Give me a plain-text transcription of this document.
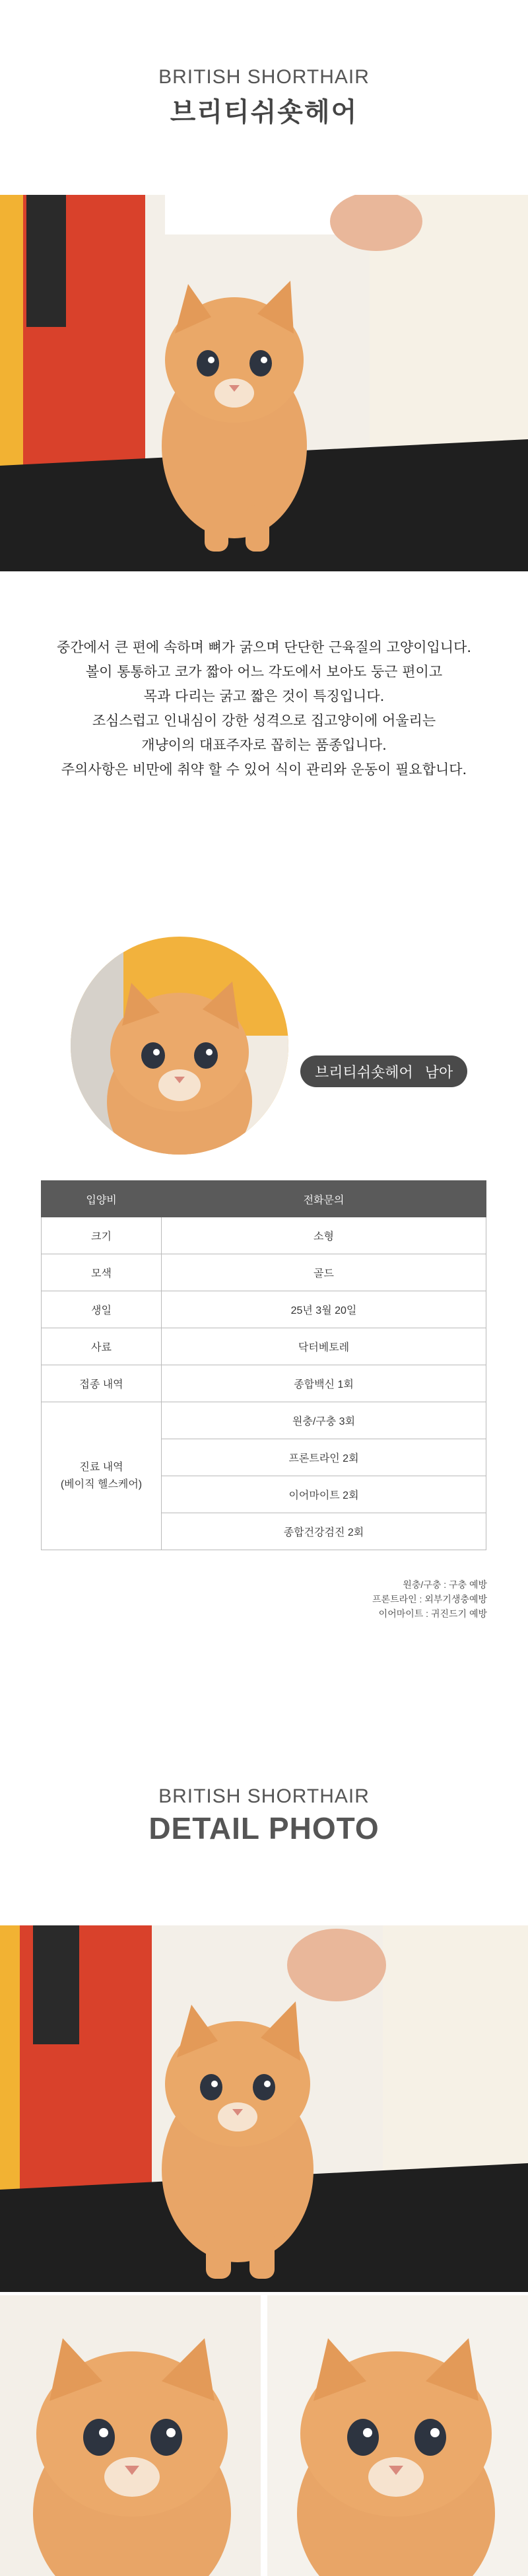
BRITISH SHORTHAIR
브리티쉬숏헤어

중간에서 큰 편에 속하며 뼈가 굵으며 단단한 근육질의 고양이입니다.

볼이 통통하고 코가 짧아 어느 각도에서 보아도 둥근 편이고

목과 다리는 굵고 짧은 것이 특징입니다.

조심스럽고 인내심이 강한 성격으로 집고양이에 어울리는

개냥이의 대표주자로 꼽히는 품종입니다.

주의사항은 비만에 취약 할 수 있어 식이 관리와 운동이 필요합니다.

브리티쉬숏헤어 남아
입양비	전화문의
크기	소형
모색	골드
생일	25년 3월 20일
사료	닥터베토레
접종 내역	종합백신 1회

진료 내역
(베이직 헬스케어)	원충/구충 3회
	프론트라인 2회
	이어마이트 2회
	종합건강검진 2회
원충/구충 : 구충 예방
프론트라인 : 외부기생충예방
이어마이트 : 귀진드기 예방
BRITISH SHORTHAIR
DETAIL PHOTO
